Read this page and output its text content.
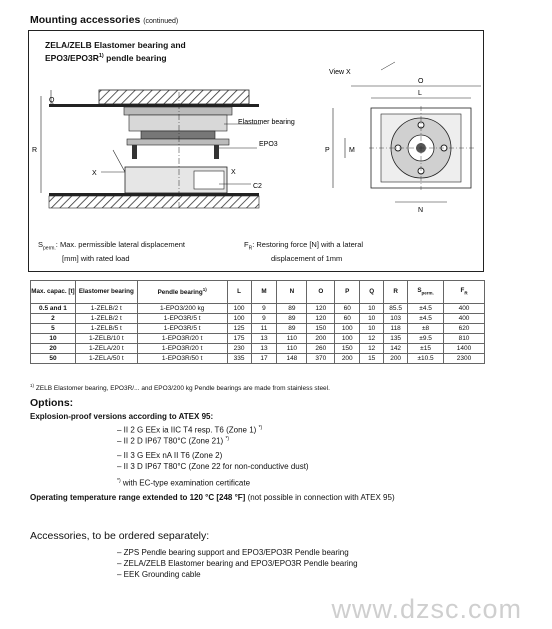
Mounting accessories (continued)
ZELA/ZELB Elastomer bearing and
$EPO3/EPO3R^{1)}$ pendle bearing
Q
R
X	X
Elastomer bearing
EPO3
C2
View X
O
L
P	M
N
$S_{perm.}$: Max. permissible lateral displacement
[mm] with rated load
$F_R$: Restoring force [N] with a lateral
displacement of 1mm
Max. capac. [t]	Elastomer bearing	Pendle bearing$^{1)}$	L	M	N	O	P	Q	R	$S_{perm.}$	$F_R$
0.5 and 1	1-ZELB/2 t	1-EPO3/200 kg	100	9	89	120	60	10	85.5	±4.5	400
2	1-ZELB/2 t	1-EPO3R/5 t	100	9	89	120	60	10	103	±4.5	400
5	1-ZELB/5 t	1-EPO3R/5 t	125	11	89	150	100	10	118	±8	620
10	1-ZELB/10 t	1-EPO3R/20 t	175	13	110	200	100	12	135	±9.5	810
20	1-ZELA/20 t	1-EPO3R/20 t	230	13	110	260	150	12	142	±15	1400
50	1-ZELA/50 t	1-EPO3R/50 t	335	17	148	370	200	15	200	±10.5	2300
$^{1)}$ ZELB Elastomer bearing, EPO3R/... and EPO3/200 kg Pendle bearings are made from stainless steel.
Options:
Explosion-proof versions according to ATEX 95:
– II 2 G EEx ia IIC T4 resp. T6 (Zone 1) *)
– II 2 D IP67 T80°C (Zone 21) *)
– II 3 G EEx nA II T6 (Zone 2)
– II 3 D IP67 T80°C (Zone 22 for non-conductive dust)
*) with EC-type examination certificate
Operating temperature range extended to 120 °C [248 °F] (not possible in connection with ATEX 95)
Accessories, to be ordered separately:
– ZPS Pendle bearing support and EPO3/EPO3R Pendle bearing
– ZELA/ZELB Elastomer bearing and EPO3/EPO3R Pendle bearing
– EEK Grounding cable
www.dzsc.com
